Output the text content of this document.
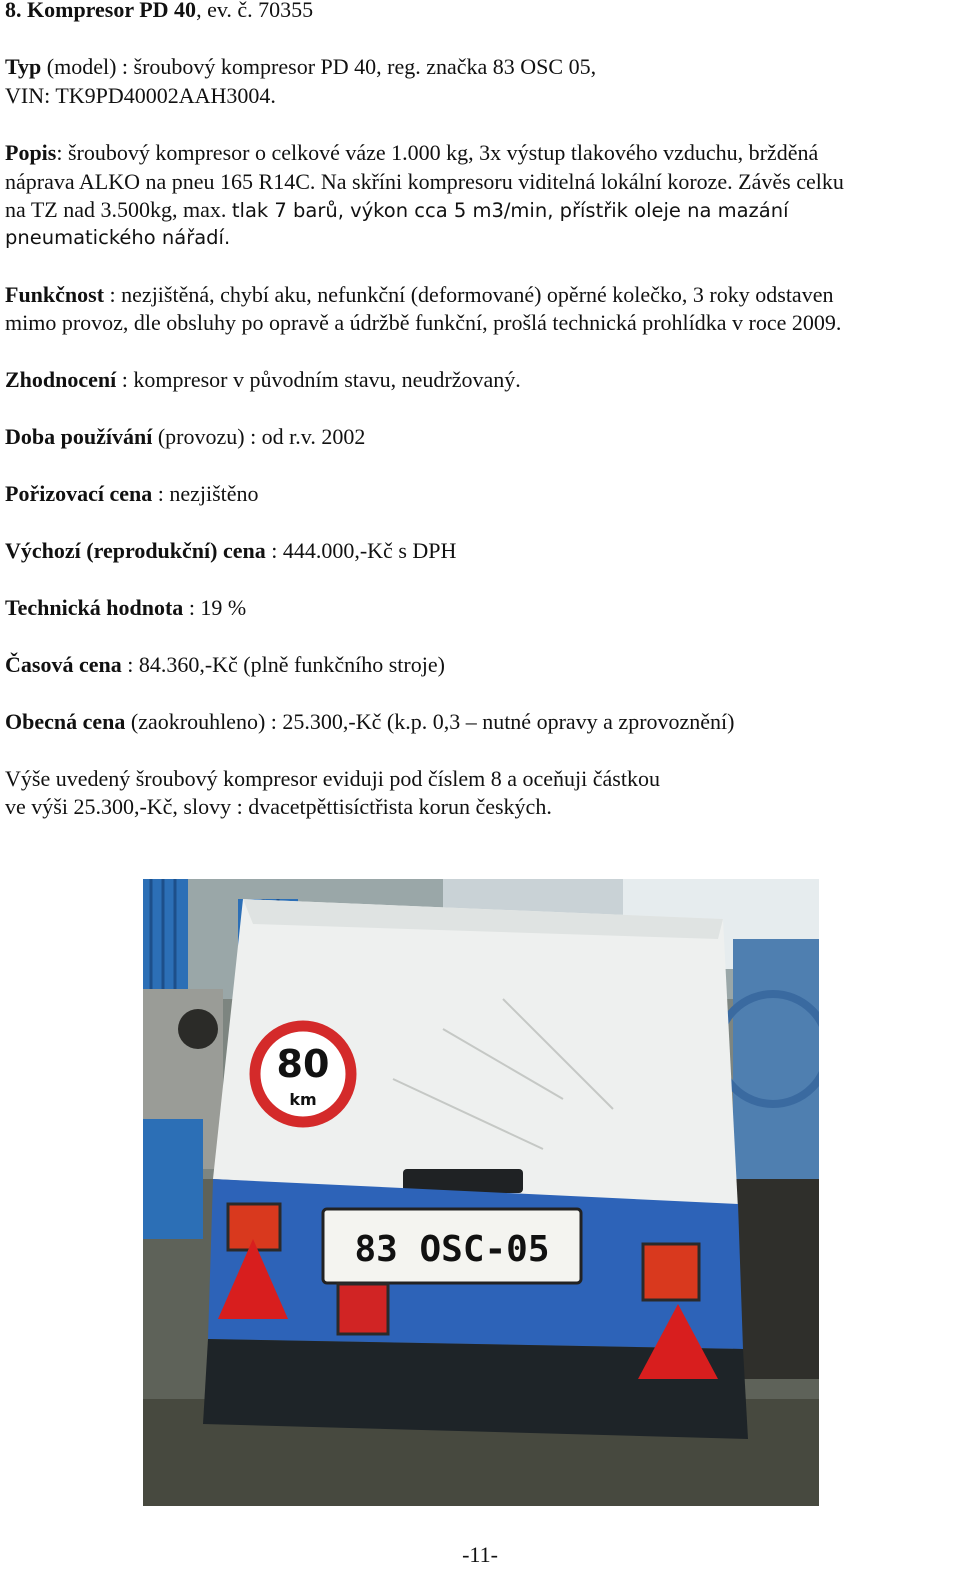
8. Kompresor PD 40, ev. č. 70355
Typ (model) : šroubový kompresor PD 40, reg. značka 83 OSC 05,
VIN: TK9PD40002AAH3004.
Popis: šroubový kompresor o celkové váze 1.000 kg, 3x výstup tlakového vzduchu, bržděná
náprava ALKO na pneu 165 R14C. Na skříni kompresoru viditelná lokální koroze. Závěs celku
na TZ nad 3.500kg, max. tlak 7 barů, výkon cca 5 m3/min, přístřik oleje na mazání
pneumatického nářadí.
Funkčnost : nezjištěná, chybí aku, nefunkční (deformované) opěrné kolečko, 3 roky odstaven
mimo provoz, dle obsluhy po opravě a údržbě funkční, prošlá technická prohlídka v roce 2009.
Zhodnocení : kompresor v původním stavu, neudržovaný.
Doba používání (provozu) : od r.v. 2002
Pořizovací cena : nezjištěno
Výchozí (reprodukční) cena : 444.000,-Kč s DPH
Technická hodnota : 19 %
Časová cena : 84.360,-Kč (plně funkčního stroje)
Obecná cena (zaokrouhleno) : 25.300,-Kč (k.p. 0,3 – nutné opravy a zprovoznění)
Výše uvedený šroubový kompresor eviduji pod číslem 8 a oceňuji částkou
ve výši 25.300,-Kč, slovy : dvacetpěttisíctřista korun českých.
80
km
83 OSC-05
-11-
